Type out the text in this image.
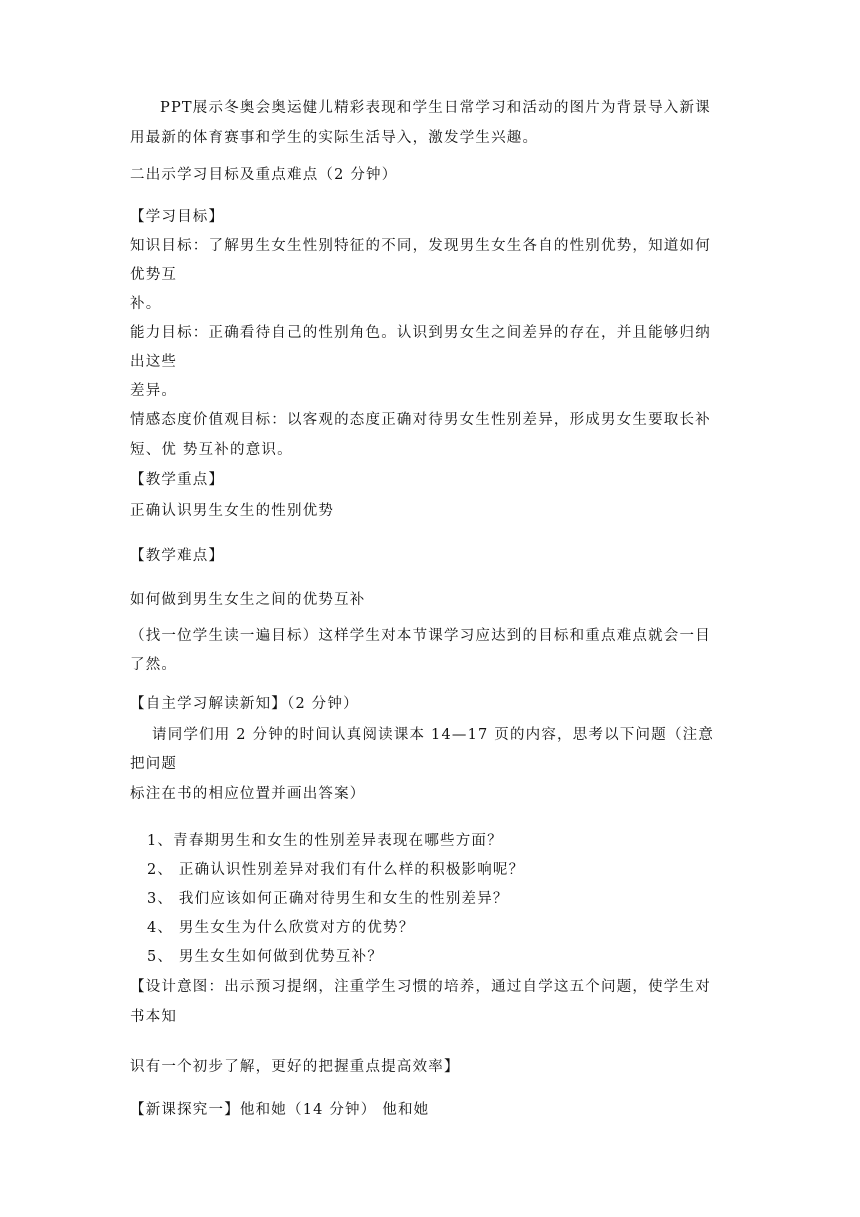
PPT展示冬奥会奥运健儿精彩表现和学生日常学习和活动的图片为背景导入新课
用最新的体育赛事和学生的实际生活导入，激发学生兴趣。
二出示学习目标及重点难点（2 分钟）
【学习目标】
知识目标：了解男生女生性别特征的不同，发现男生女生各自的性别优势，知道如何
优势互
补。
能力目标：正确看待自己的性别角色。认识到男女生之间差异的存在，并且能够归纳
出这些
差异。
情感态度价值观目标：以客观的态度正确对待男女生性别差异，形成男女生要取长补
短、优 势互补的意识。
【教学重点】
正确认识男生女生的性别优势
【教学难点】
如何做到男生女生之间的优势互补
（找一位学生读一遍目标）这样学生对本节课学习应达到的目标和重点难点就会一目
了然。
【自主学习解读新知】（2 分钟）
请同学们用 2 分钟的时间认真阅读课本 14—17 页的内容，思考以下问题（注意
把问题
标注在书的相应位置并画出答案）
1、青春期男生和女生的性别差异表现在哪些方面？
2、 正确认识性别差异对我们有什么样的积极影响呢？
3、 我们应该如何正确对待男生和女生的性别差异？
4、 男生女生为什么欣赏对方的优势？
5、 男生女生如何做到优势互补？
【设计意图：出示预习提纲，注重学生习惯的培养，通过自学这五个问题，使学生对
书本知
识有一个初步了解，更好的把握重点提高效率】
【新课探究一】他和她（14 分钟） 他和她
